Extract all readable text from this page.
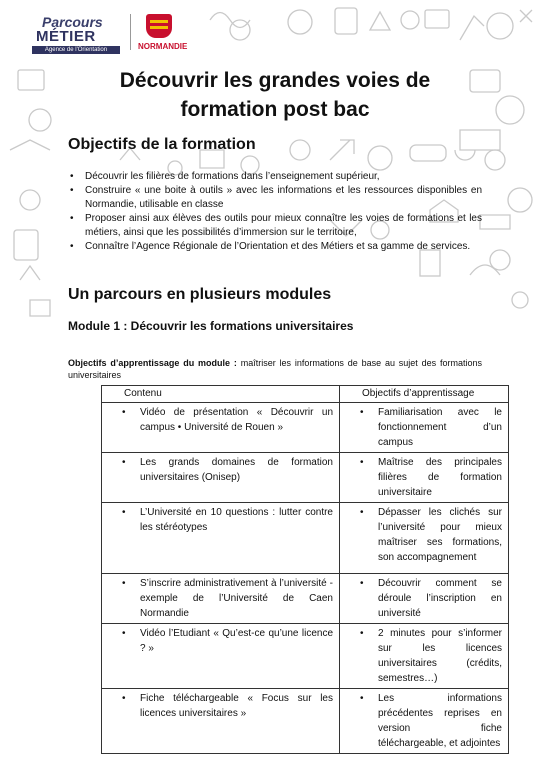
Parcours
MÉTIER
Agence de l'Orientation	NORMANDIE
Découvrir les grandes voies de
formation post bac
Objectifs de la formation
• Découvrir les filières de formations dans l’enseignement supérieur,
• Construire « une boite à outils » avec les informations et les ressources disponibles en Normandie, utilisable en classe
• Proposer ainsi aux élèves des outils pour mieux connaître les voies de formations et les métiers, ainsi que les possibilités d’immersion sur le territoire,
• Connaître l’Agence Régionale de l’Orientation et des Métiers et sa gamme de services.
Un parcours en plusieurs modules
Module 1 : Découvrir les formations universitaires

Objectifs d’apprentissage du module : maîtriser les informations de base au sujet des formations universitaires

Contenu	Objectifs d’apprentissage

• Vidéo de présentation « Découvrir un campus • Université de Rouen »	• Familiarisation avec le fonctionnement d’un campus

• Les grands domaines de formation universitaires (Onisep)	• Maîtrise des principales filières de formation universitaire

• L’Université en 10 questions : lutter contre les stéréotypes	• Dépasser les clichés sur l’université pour mieux maîtriser ses formations, son accompagnement

• S’inscrire administrativement à l’université - exemple de l’Université de Caen Normandie	• Découvrir comment se déroule l’inscription en université

• Vidéo l’Etudiant « Qu’est-ce qu’une licence ? »	• 2 minutes pour s’informer sur les licences universitaires (crédits, semestres…)

• Fiche téléchargeable « Focus sur les licences universitaires »	• Les informations précédentes reprises en version fiche téléchargeable, et adjointes
